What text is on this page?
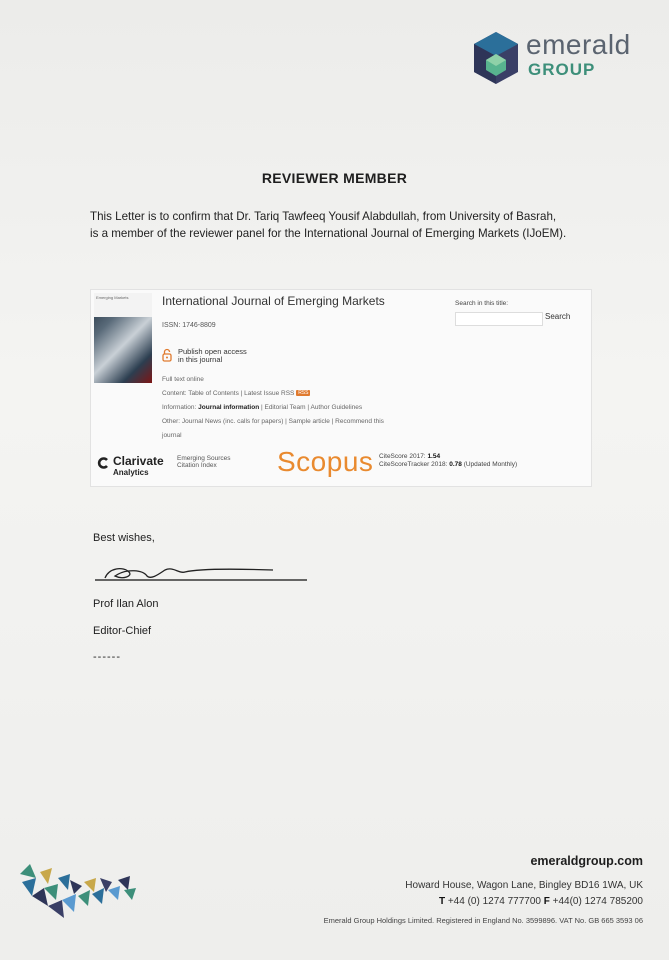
emerald
GROUP
REVIEWER MEMBER
This Letter is to confirm that Dr. Tariq Tawfeeq Yousif Alabdullah, from University of Basrah,
is a member of the reviewer panel for the International Journal of Emerging Markets (IJoEM).
Emerging Markets	International Journal of Emerging Markets
ISSN: 1746-8809
Publish open access
in this journal
Full text online
Content: Table of Contents | Latest Issue RSS RSS
Information: Journal information | Editorial Team | Author Guidelines
Other: Journal News (inc. calls for papers) | Sample article | Recommend this
journal
Search in this title:
Search
Clarivate
Analytics
Emerging Sources
Citation Index	Scopus CiteScore 2017: 1.54
CiteScoreTracker 2018: 0.78 (Updated Monthly)
Best wishes,
Prof Ilan Alon
Editor-Chief
------
emeraldgroup.com
Howard House, Wagon Lane, Bingley BD16 1WA, UK
T +44 (0) 1274 777700 F +44(0) 1274 785200
Emerald Group Holdings Limited. Registered in England No. 3599896. VAT No. GB 665 3593 06
